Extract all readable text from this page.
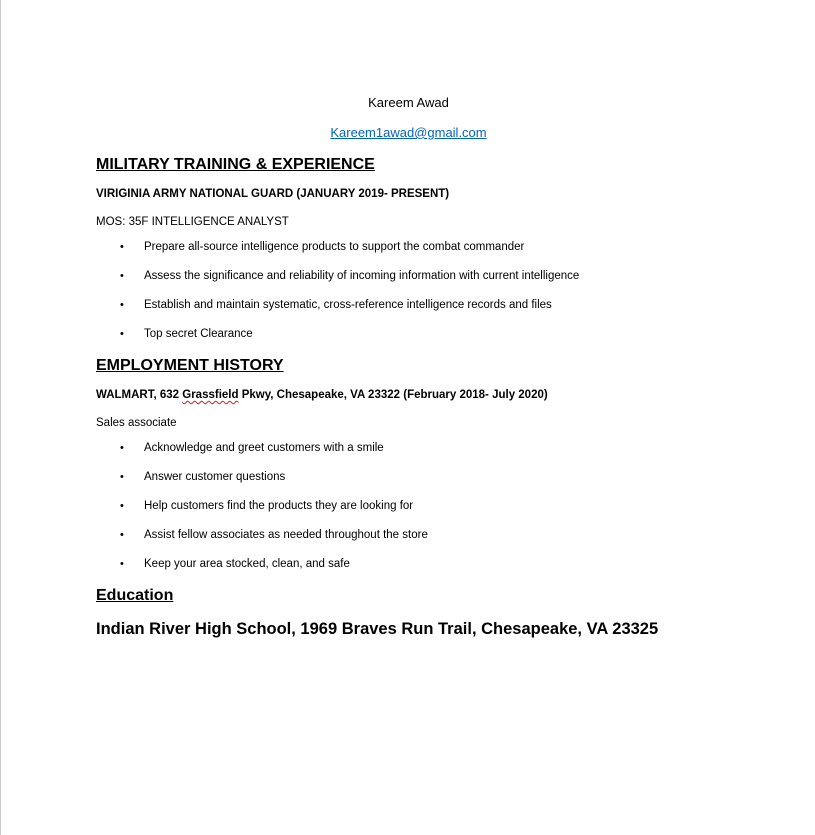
Kareem Awad
Kareem1awad@gmail.com
MILITARY TRAINING & EXPERIENCE
VIRIGINIA ARMY NATIONAL GUARD (JANUARY 2019- PRESENT)
MOS: 35F INTELLIGENCE ANALYST
• Prepare all-source intelligence products to support the combat commander
• Assess the significance and reliability of incoming information with current intelligence
• Establish and maintain systematic, cross-reference intelligence records and files
• Top secret Clearance
EMPLOYMENT HISTORY
WALMART, 632 Grassfield Pkwy, Chesapeake, VA 23322 (February 2018- July 2020)
Sales associate
• Acknowledge and greet customers with a smile
• Answer customer questions
• Help customers find the products they are looking for
• Assist fellow associates as needed throughout the store
• Keep your area stocked, clean, and safe
Education
Indian River High School, 1969 Braves Run Trail, Chesapeake, VA 23325
